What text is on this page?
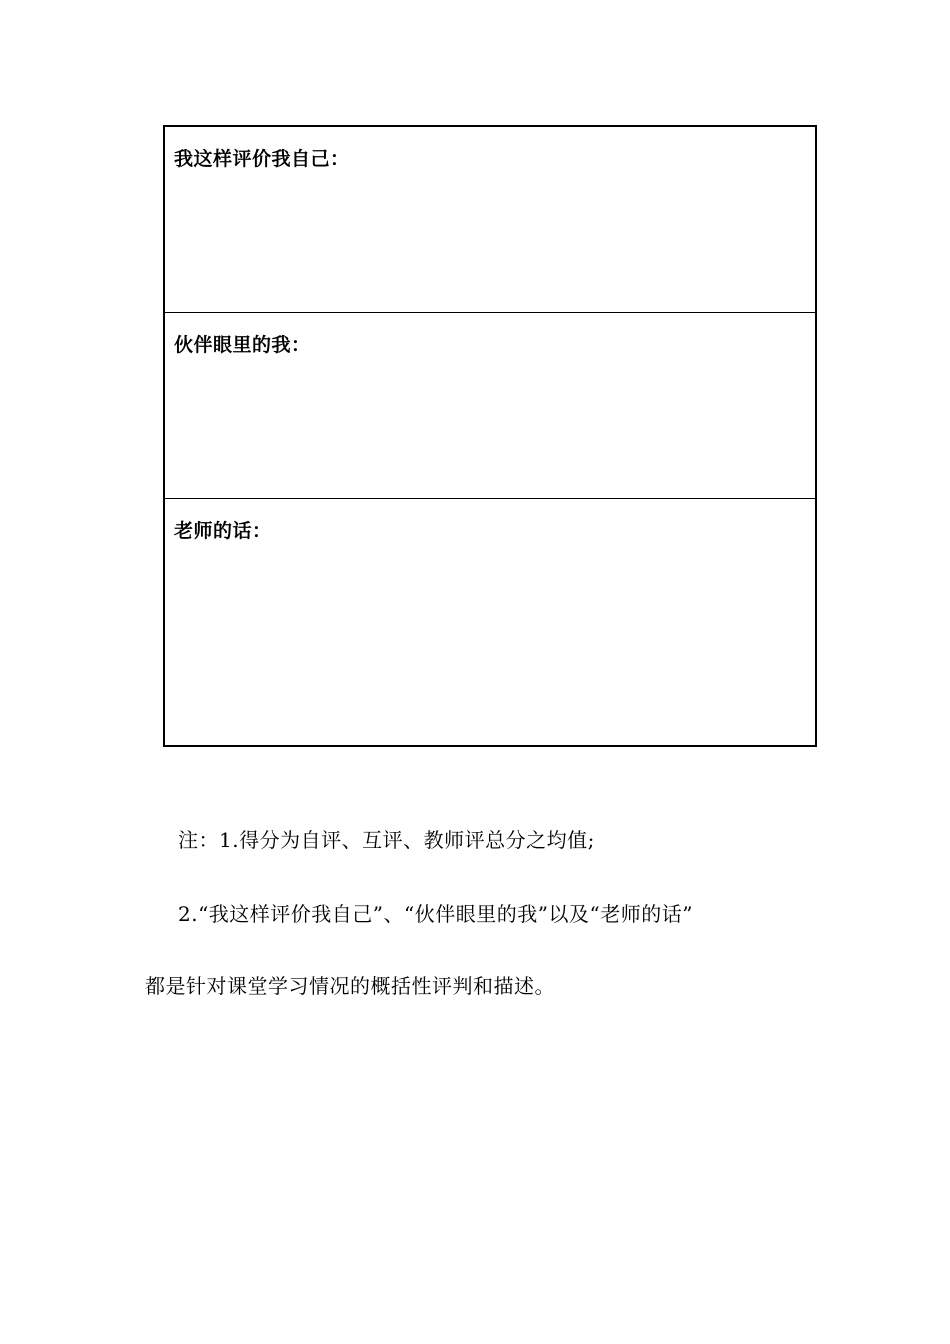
我这样评价我自己：
伙伴眼里的我：
老师的话：
注：1.得分为自评、互评、教师评总分之均值;
2.“我这样评价我自己”、“伙伴眼里的我”以及“老师的话”
都是针对课堂学习情况的概括性评判和描述。
